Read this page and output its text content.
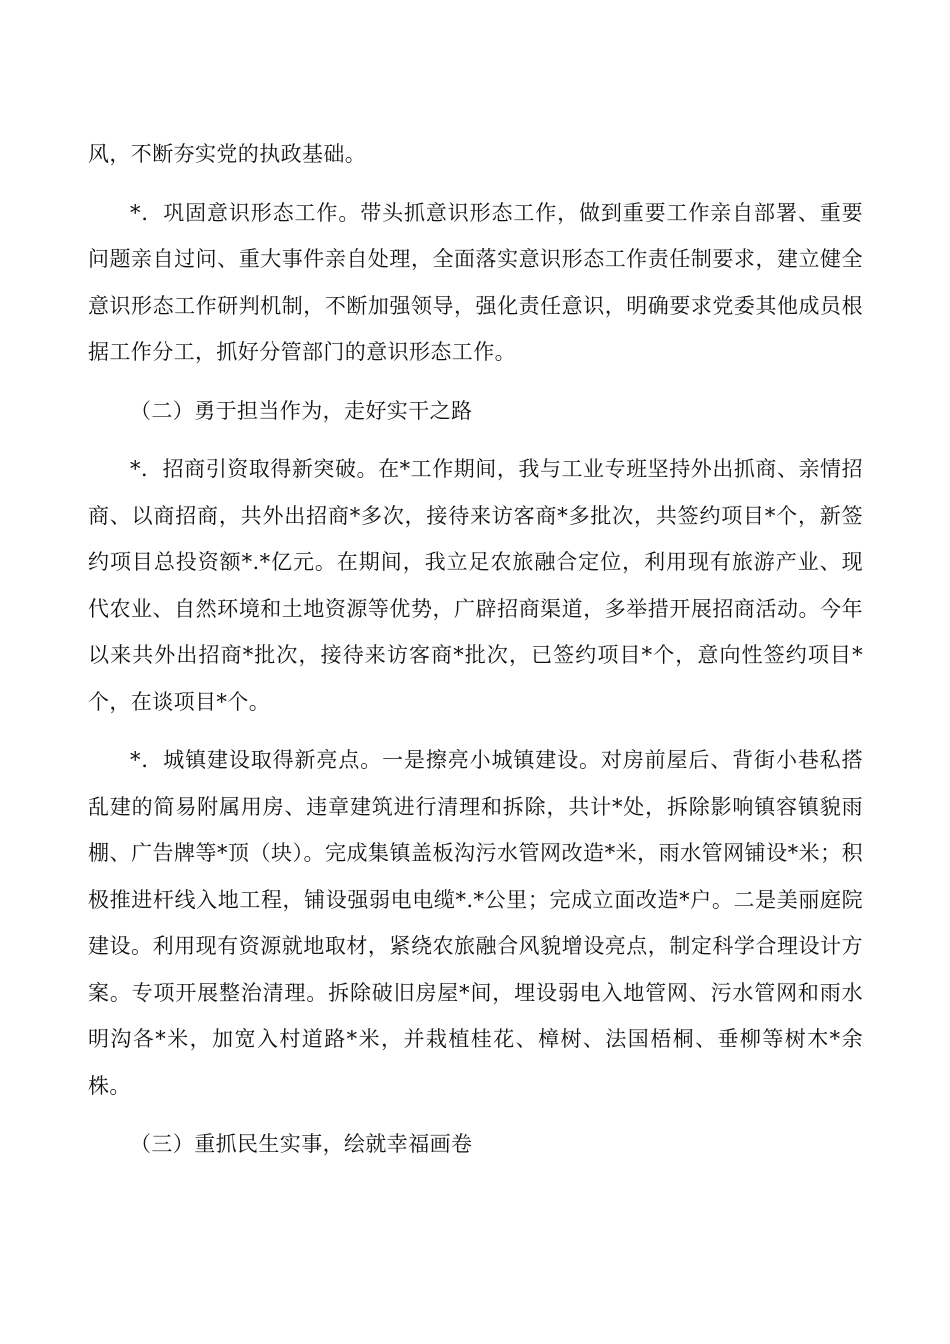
风，不断夯实党的执政基础。

*．巩固意识形态工作。带头抓意识形态工作，做到重要工作亲自部署、重要问题亲自过问、重大事件亲自处理，全面落实意识形态工作责任制要求，建立健全意识形态工作研判机制，不断加强领导，强化责任意识，明确要求党委其他成员根据工作分工，抓好分管部门的意识形态工作。

（二）勇于担当作为，走好实干之路

*．招商引资取得新突破。在*工作期间，我与工业专班坚持外出抓商、亲情招商、以商招商，共外出招商*多次，接待来访客商*多批次，共签约项目*个，新签约项目总投资额*.*亿元。在期间，我立足农旅融合定位，利用现有旅游产业、现代农业、自然环境和土地资源等优势，广辟招商渠道，多举措开展招商活动。今年以来共外出招商*批次，接待来访客商*批次，已签约项目*个，意向性签约项目*个，在谈项目*个。

*．城镇建设取得新亮点。一是擦亮小城镇建设。对房前屋后、背街小巷私搭乱建的简易附属用房、违章建筑进行清理和拆除，共计*处，拆除影响镇容镇貌雨棚、广告牌等*顶（块）。完成集镇盖板沟污水管网改造*米，雨水管网铺设*米；积极推进杆线入地工程，铺设强弱电电缆*.*公里；完成立面改造*户。二是美丽庭院建设。利用现有资源就地取材，紧绕农旅融合风貌增设亮点，制定科学合理设计方案。专项开展整治清理。拆除破旧房屋*间，埋设弱电入地管网、污水管网和雨水明沟各*米，加宽入村道路*米，并栽植桂花、樟树、法国梧桐、垂柳等树木*余株。

（三）重抓民生实事，绘就幸福画卷
